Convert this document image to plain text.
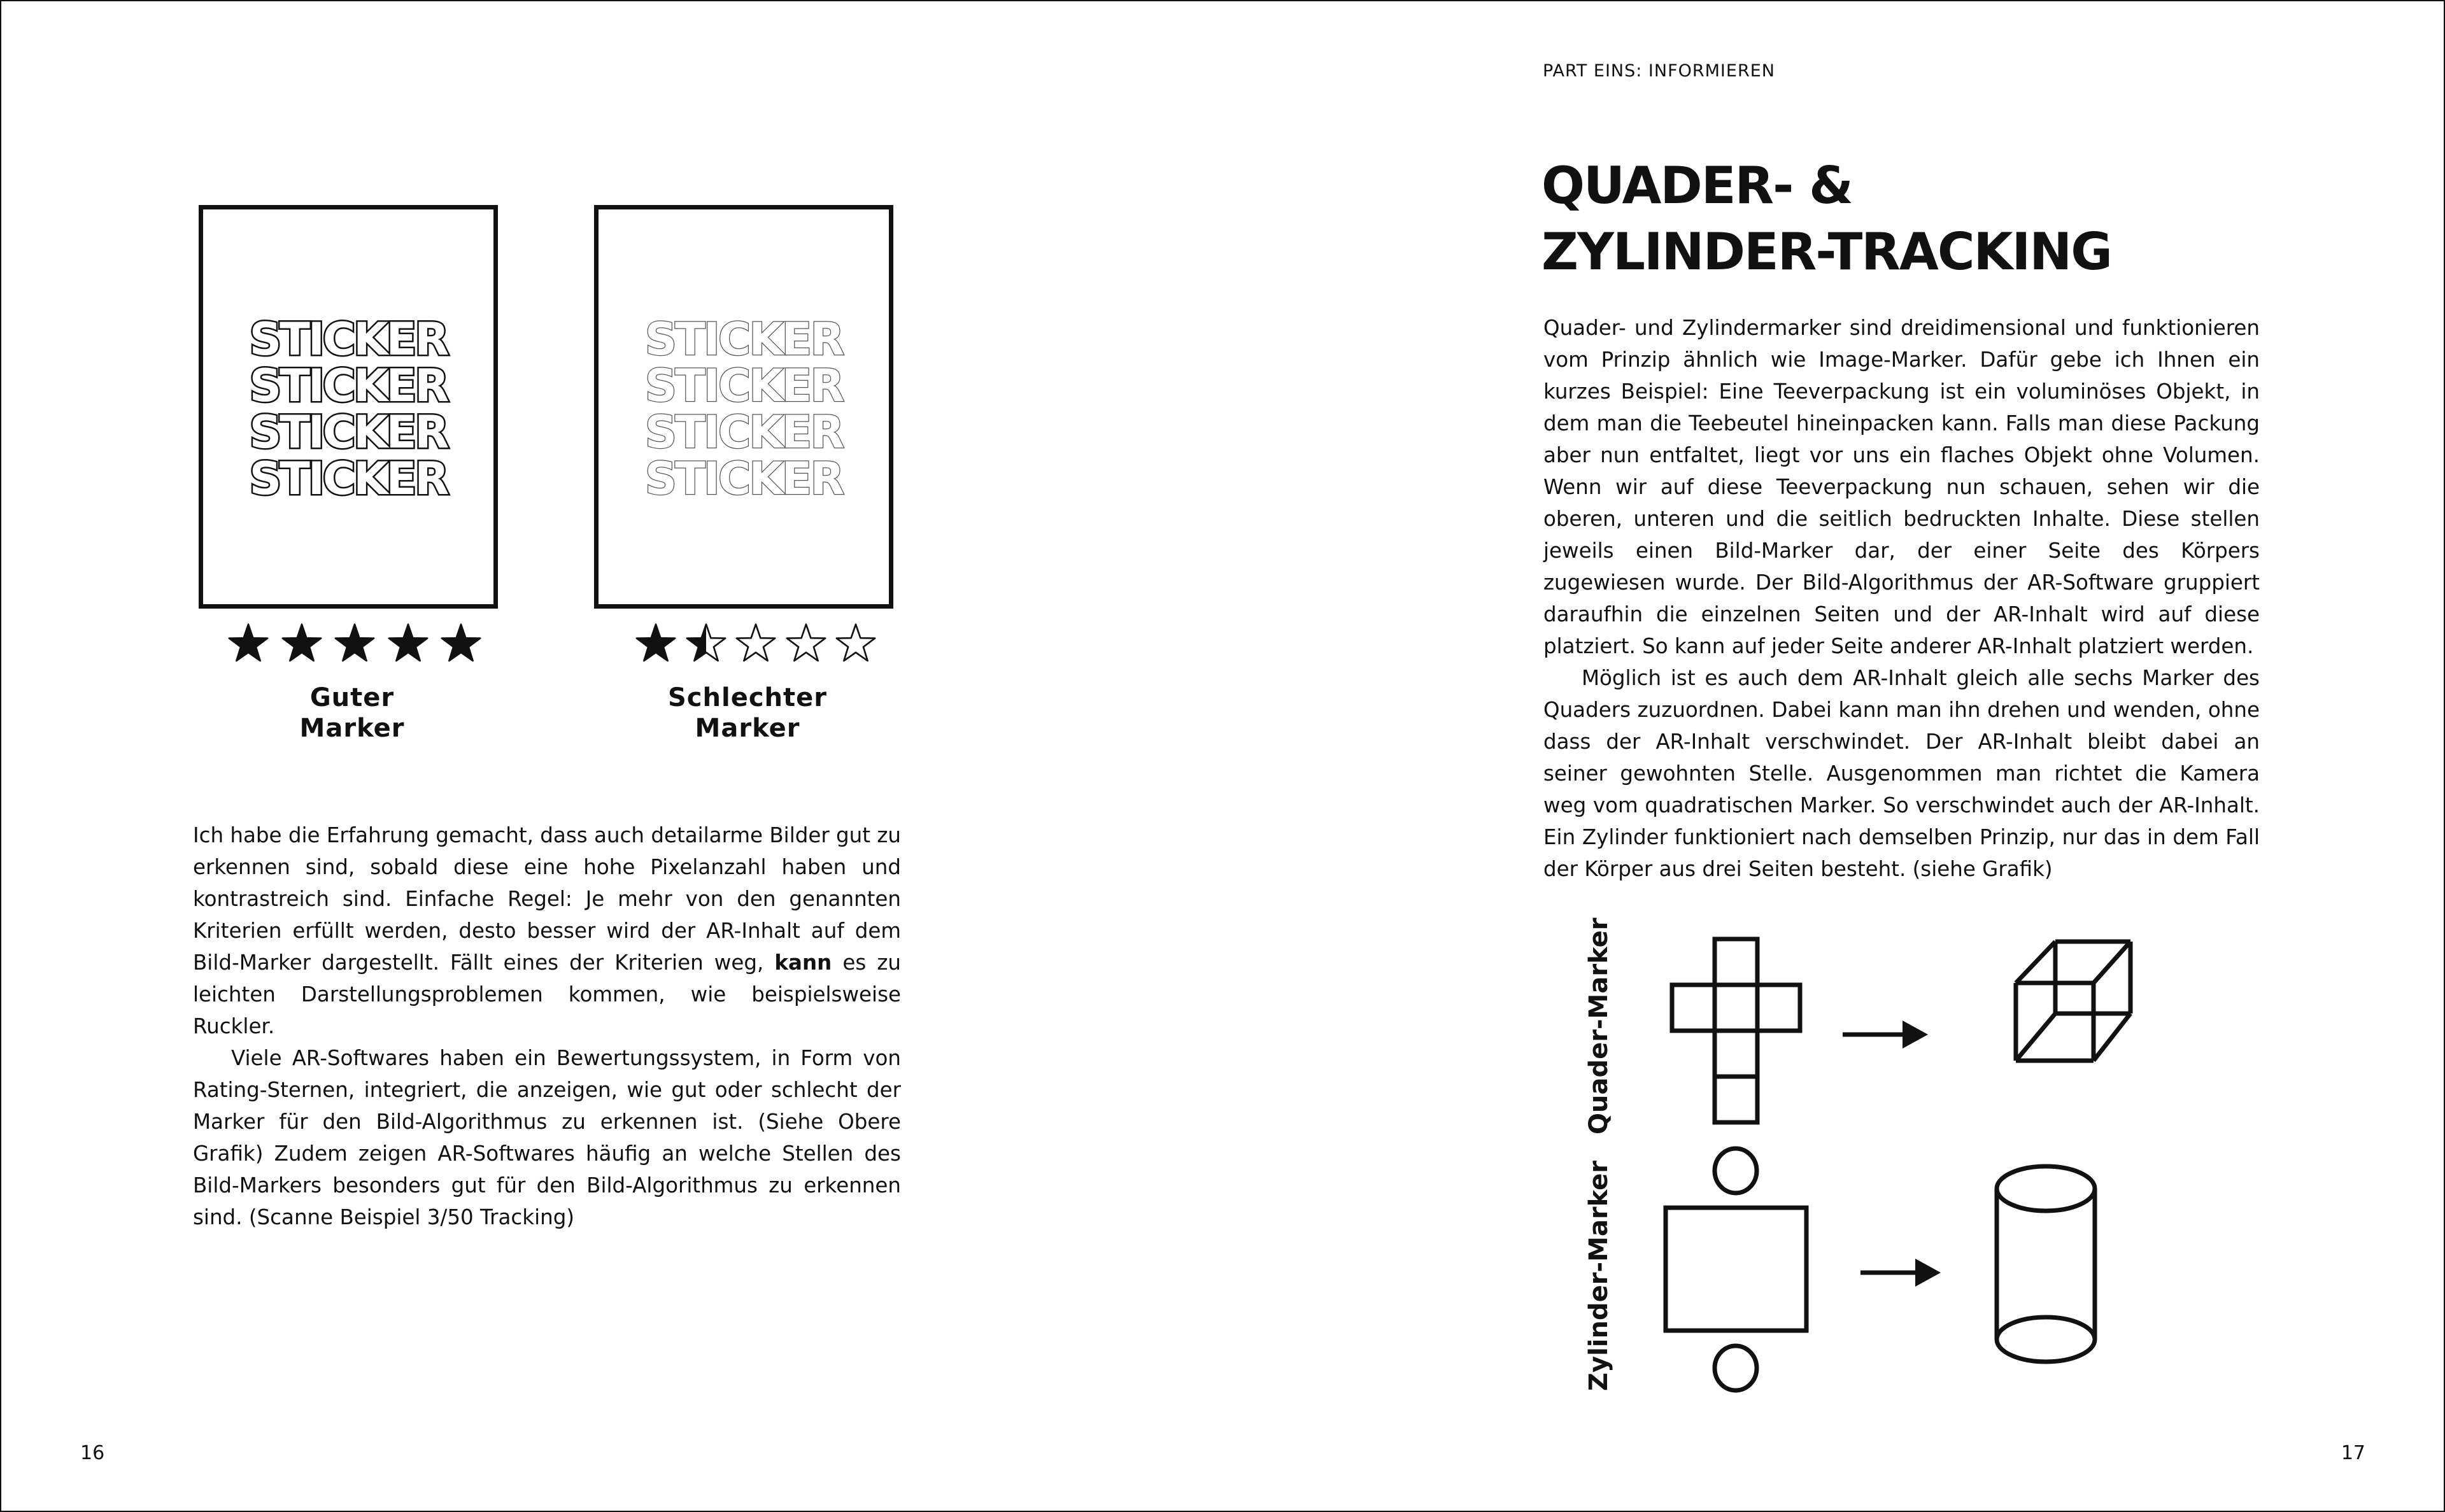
STICKER
STICKER
STICKER
STICKER
STICKER
STICKER
STICKER
STICKER
Guter
Marker
Schlechter
Marker

Ich habe die Erfahrung gemacht, dass auch detailarme Bilder gut zu erkennen sind, sobald diese eine hohe Pixelanzahl haben und kontrastreich sind. Einfache Regel: Je mehr von den genannten Kriterien erfüllt werden, desto besser wird der AR-Inhalt auf dem Bild-Marker dargestellt. Fällt eines der Kriterien weg, kann es zu leichten Darstellungsproblemen kommen, wie beispielsweise Ruckler.

Viele AR-Softwares haben ein Bewertungssystem, in Form von Rating-Sternen, integriert, die anzeigen, wie gut oder schlecht der Marker für den Bild-Algorithmus zu erkennen ist. (Siehe Obere Grafik) Zudem zeigen AR-Softwares häufig an welche Stellen des Bild-Markers besonders gut für den Bild-Algorithmus zu erkennen sind. (Scanne Beispiel 3/50 Tracking)

16
PART EINS: INFORMIEREN
QUADER- &
ZYLINDER-TRACKING

Quader- und Zylindermarker sind dreidimensional und funktionieren vom Prinzip ähnlich wie Image-Marker. Dafür gebe ich Ihnen ein kurzes Beispiel: Eine Teeverpackung ist ein voluminöses Objekt, in dem man die Teebeutel hineinpacken kann. Falls man diese Packung aber nun entfaltet, liegt vor uns ein flaches Objekt ohne Volumen. Wenn wir auf diese Teeverpackung nun schauen, sehen wir die oberen, unteren und die seitlich bedruckten Inhalte. Diese stellen jeweils einen Bild-Marker dar, der einer Seite des Körpers zugewiesen wurde. Der Bild-Algorithmus der AR-Software gruppiert daraufhin die einzelnen Seiten und der AR-Inhalt wird auf diese platziert. So kann auf jeder Seite anderer AR-Inhalt platziert werden.

Möglich ist es auch dem AR-Inhalt gleich alle sechs Marker des Quaders zuzuordnen. Dabei kann man ihn drehen und wenden, ohne dass der AR-Inhalt verschwindet. Der AR-Inhalt bleibt dabei an seiner gewohnten Stelle. Ausgenommen man richtet die Kamera weg vom quadratischen Marker. So verschwindet auch der AR-Inhalt. Ein Zylinder funktioniert nach demselben Prinzip, nur das in dem Fall der Körper aus drei Seiten besteht. (siehe Grafik)

Quader-Marker
Zylinder-Marker
17
